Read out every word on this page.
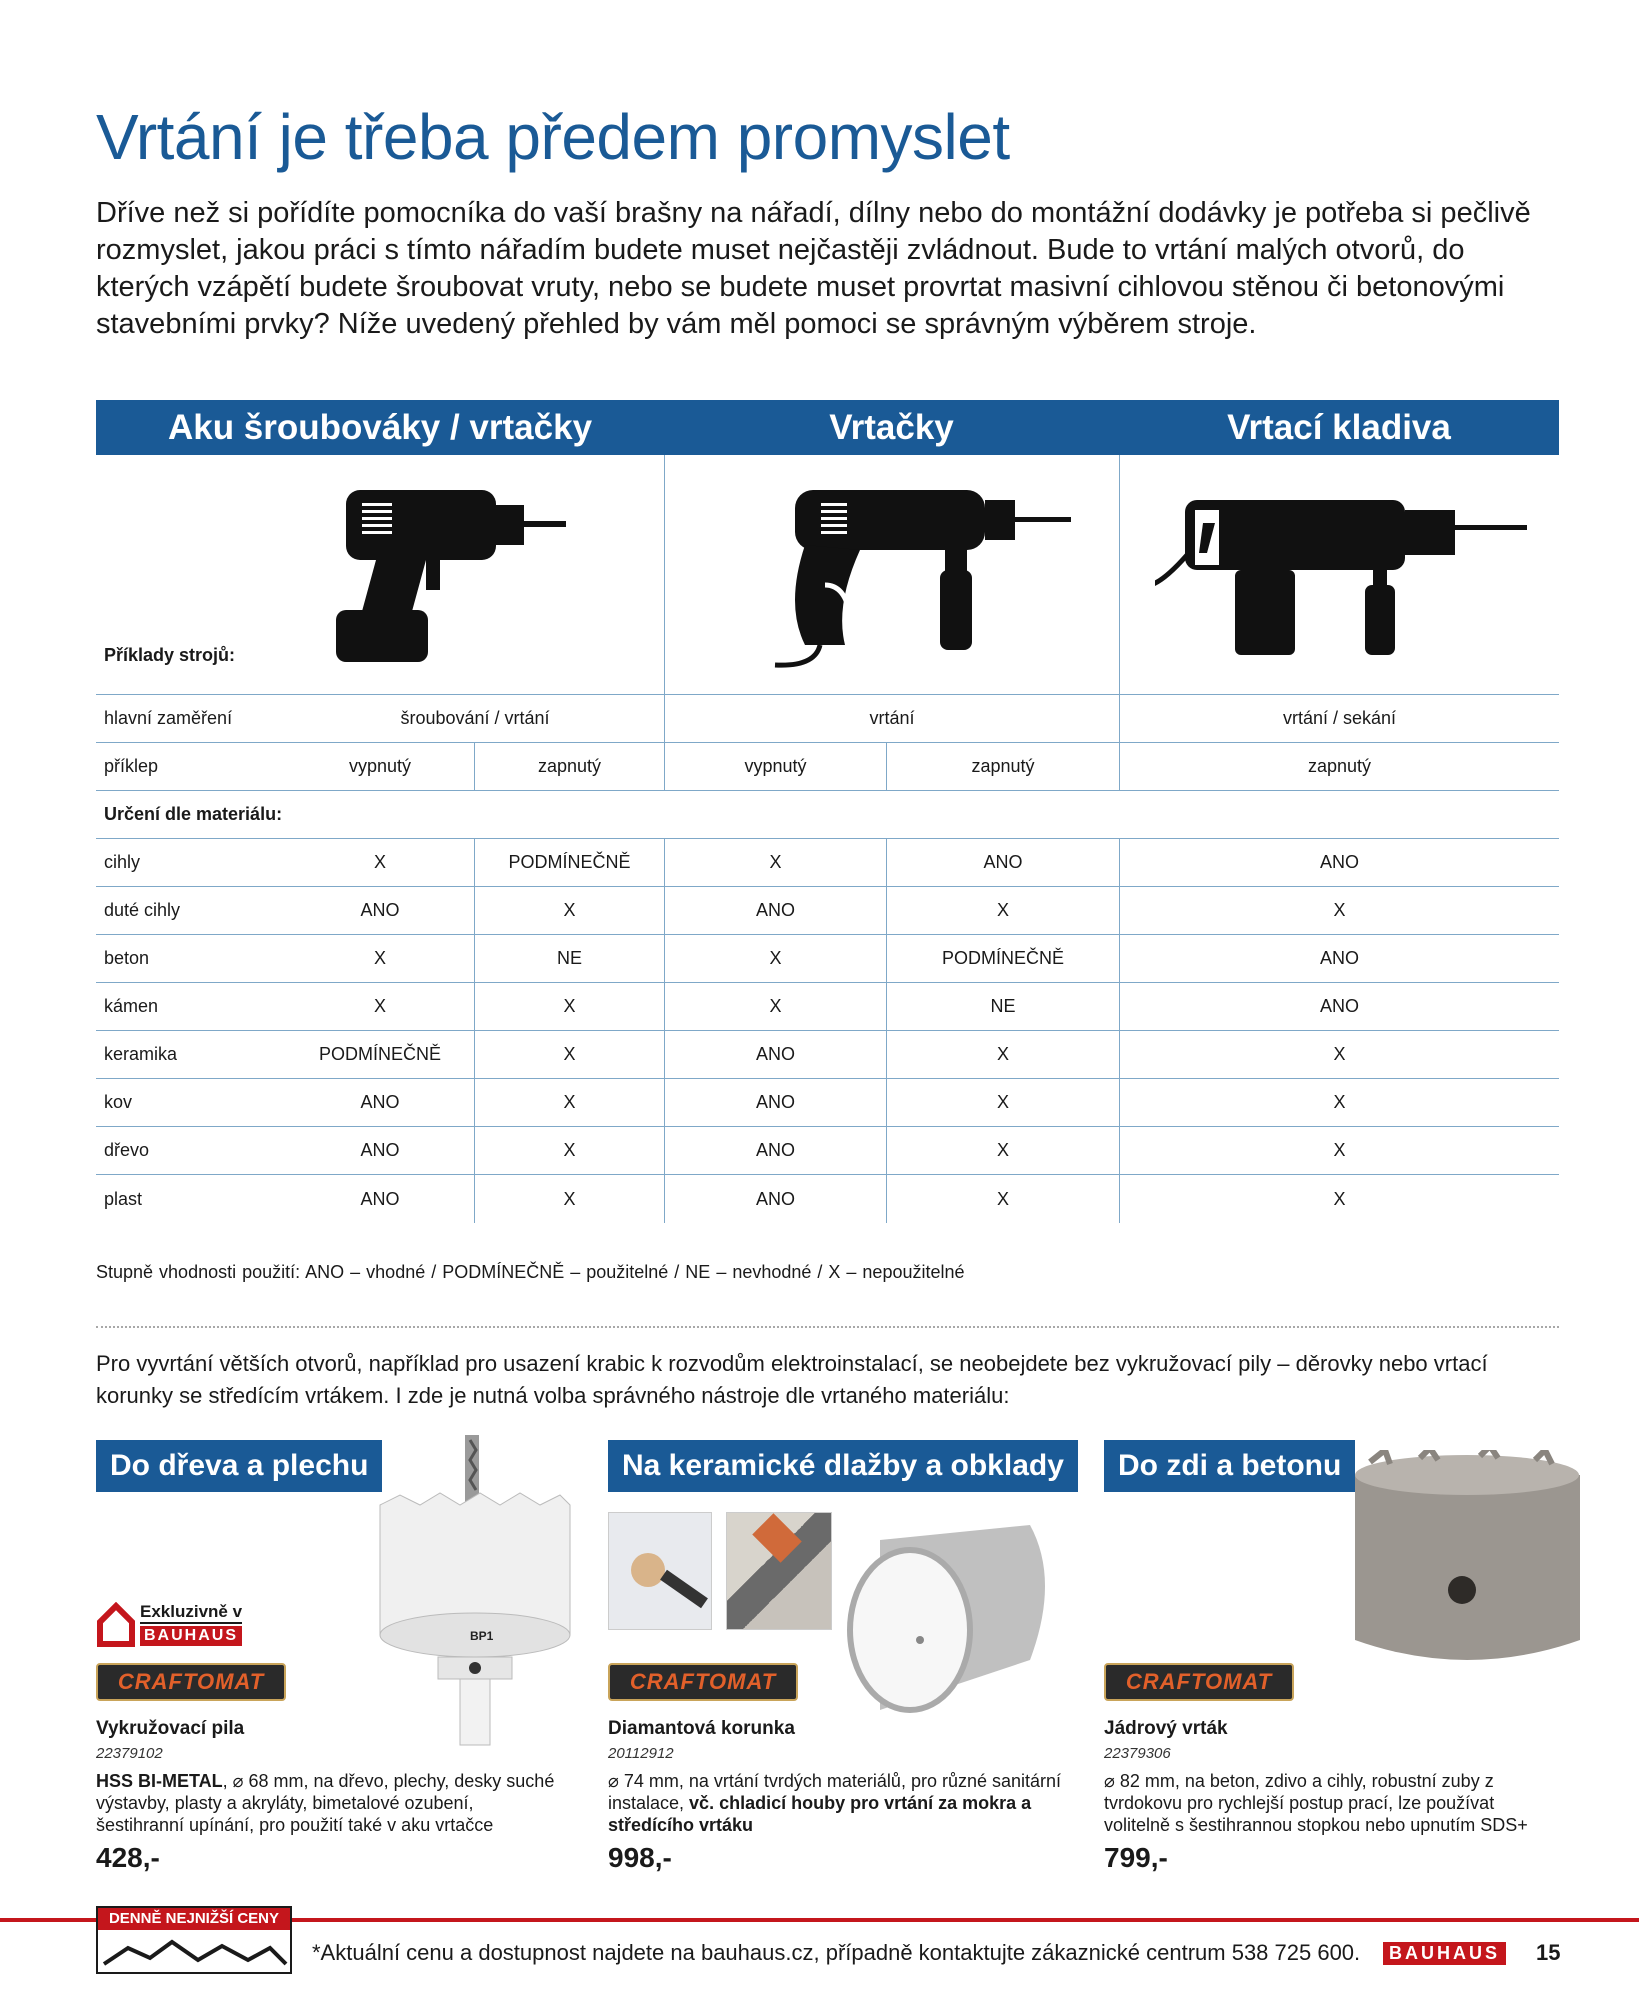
Vrtání je třeba předem promyslet

Dříve než si pořídíte pomocníka do vaší brašny na nářadí, dílny nebo do montážní dodávky je potřeba si pečlivě rozmyslet, jakou práci s tímto nářadím budete muset nejčastěji zvládnout. Bude to vrtání malých otvorů, do kterých vzápětí budete šroubovat vruty, nebo se budete muset provrtat masivní cihlovou stěnou či betonovými stavebními prvky? Níže uvedený přehled by vám měl pomoci se správným výběrem stroje.

Aku šroubováky / vrtačky	Vrtačky	Vrtací kladiva
Příklady strojů:
hlavní zaměření	šroubování / vrtání	vrtání	vrtání / sekání
příklep	vypnutý	zapnutý	vypnutý	zapnutý	zapnutý
Určení dle materiálu:
cihly	X	PODMÍNEČNĚ	X	ANO	ANO
duté cihly	ANO	X	ANO	X	X
beton	X	NE	X	PODMÍNEČNĚ	ANO
kámen	X	X	X	NE	ANO
keramika	PODMÍNEČNĚ	X	ANO	X	X
kov	ANO	X	ANO	X	X
dřevo	ANO	X	ANO	X	X
plast	ANO	X	ANO	X	X
Stupně vhodnosti použití: ANO – vhodné / PODMÍNEČNĚ – použitelné / NE – nevhodné / X – nepoužitelné

Pro vyvrtání větších otvorů, například pro usazení krabic k rozvodům elektroinstalací, se neobejdete bez vykružovací pily – děrovky nebo vrtací korunky se středícím vrtákem. I zde je nutná volba správného nástroje dle vrtaného materiálu:

Do dřeva a plechu
BP1
Exkluzivně v
BAUHAUS
CRAFTOMAT
Vykružovací pila
22379102
HSS BI-METAL, ⌀ 68 mm, na dřevo, plechy, desky suché výstavby, plasty a akryláty, bimetalové ozubení, šestihranní upínání, pro použití také v aku vrtačce
428,-
Na keramické dlažby a obklady
CRAFTOMAT
Diamantová korunka
20112912
⌀ 74 mm, na vrtání tvrdých materiálů, pro různé sanitární instalace, vč. chladicí houby pro vrtání za mokra a středícího vrtáku
998,-
Do zdi a betonu
CRAFTOMAT
Jádrový vrták
22379306
⌀ 82 mm, na beton, zdivo a cihly, robustní zuby z tvrdokovu pro rychlejší postup prací, lze používat volitelně s šestihrannou stopkou nebo upnutím SDS+
799,-
DENNĚ NEJNIŽŠÍ CENY
*Aktuální cenu a dostupnost najdete na bauhaus.cz, případně kontaktujte zákaznické centrum 538 725 600.	BAUHAUS 15
